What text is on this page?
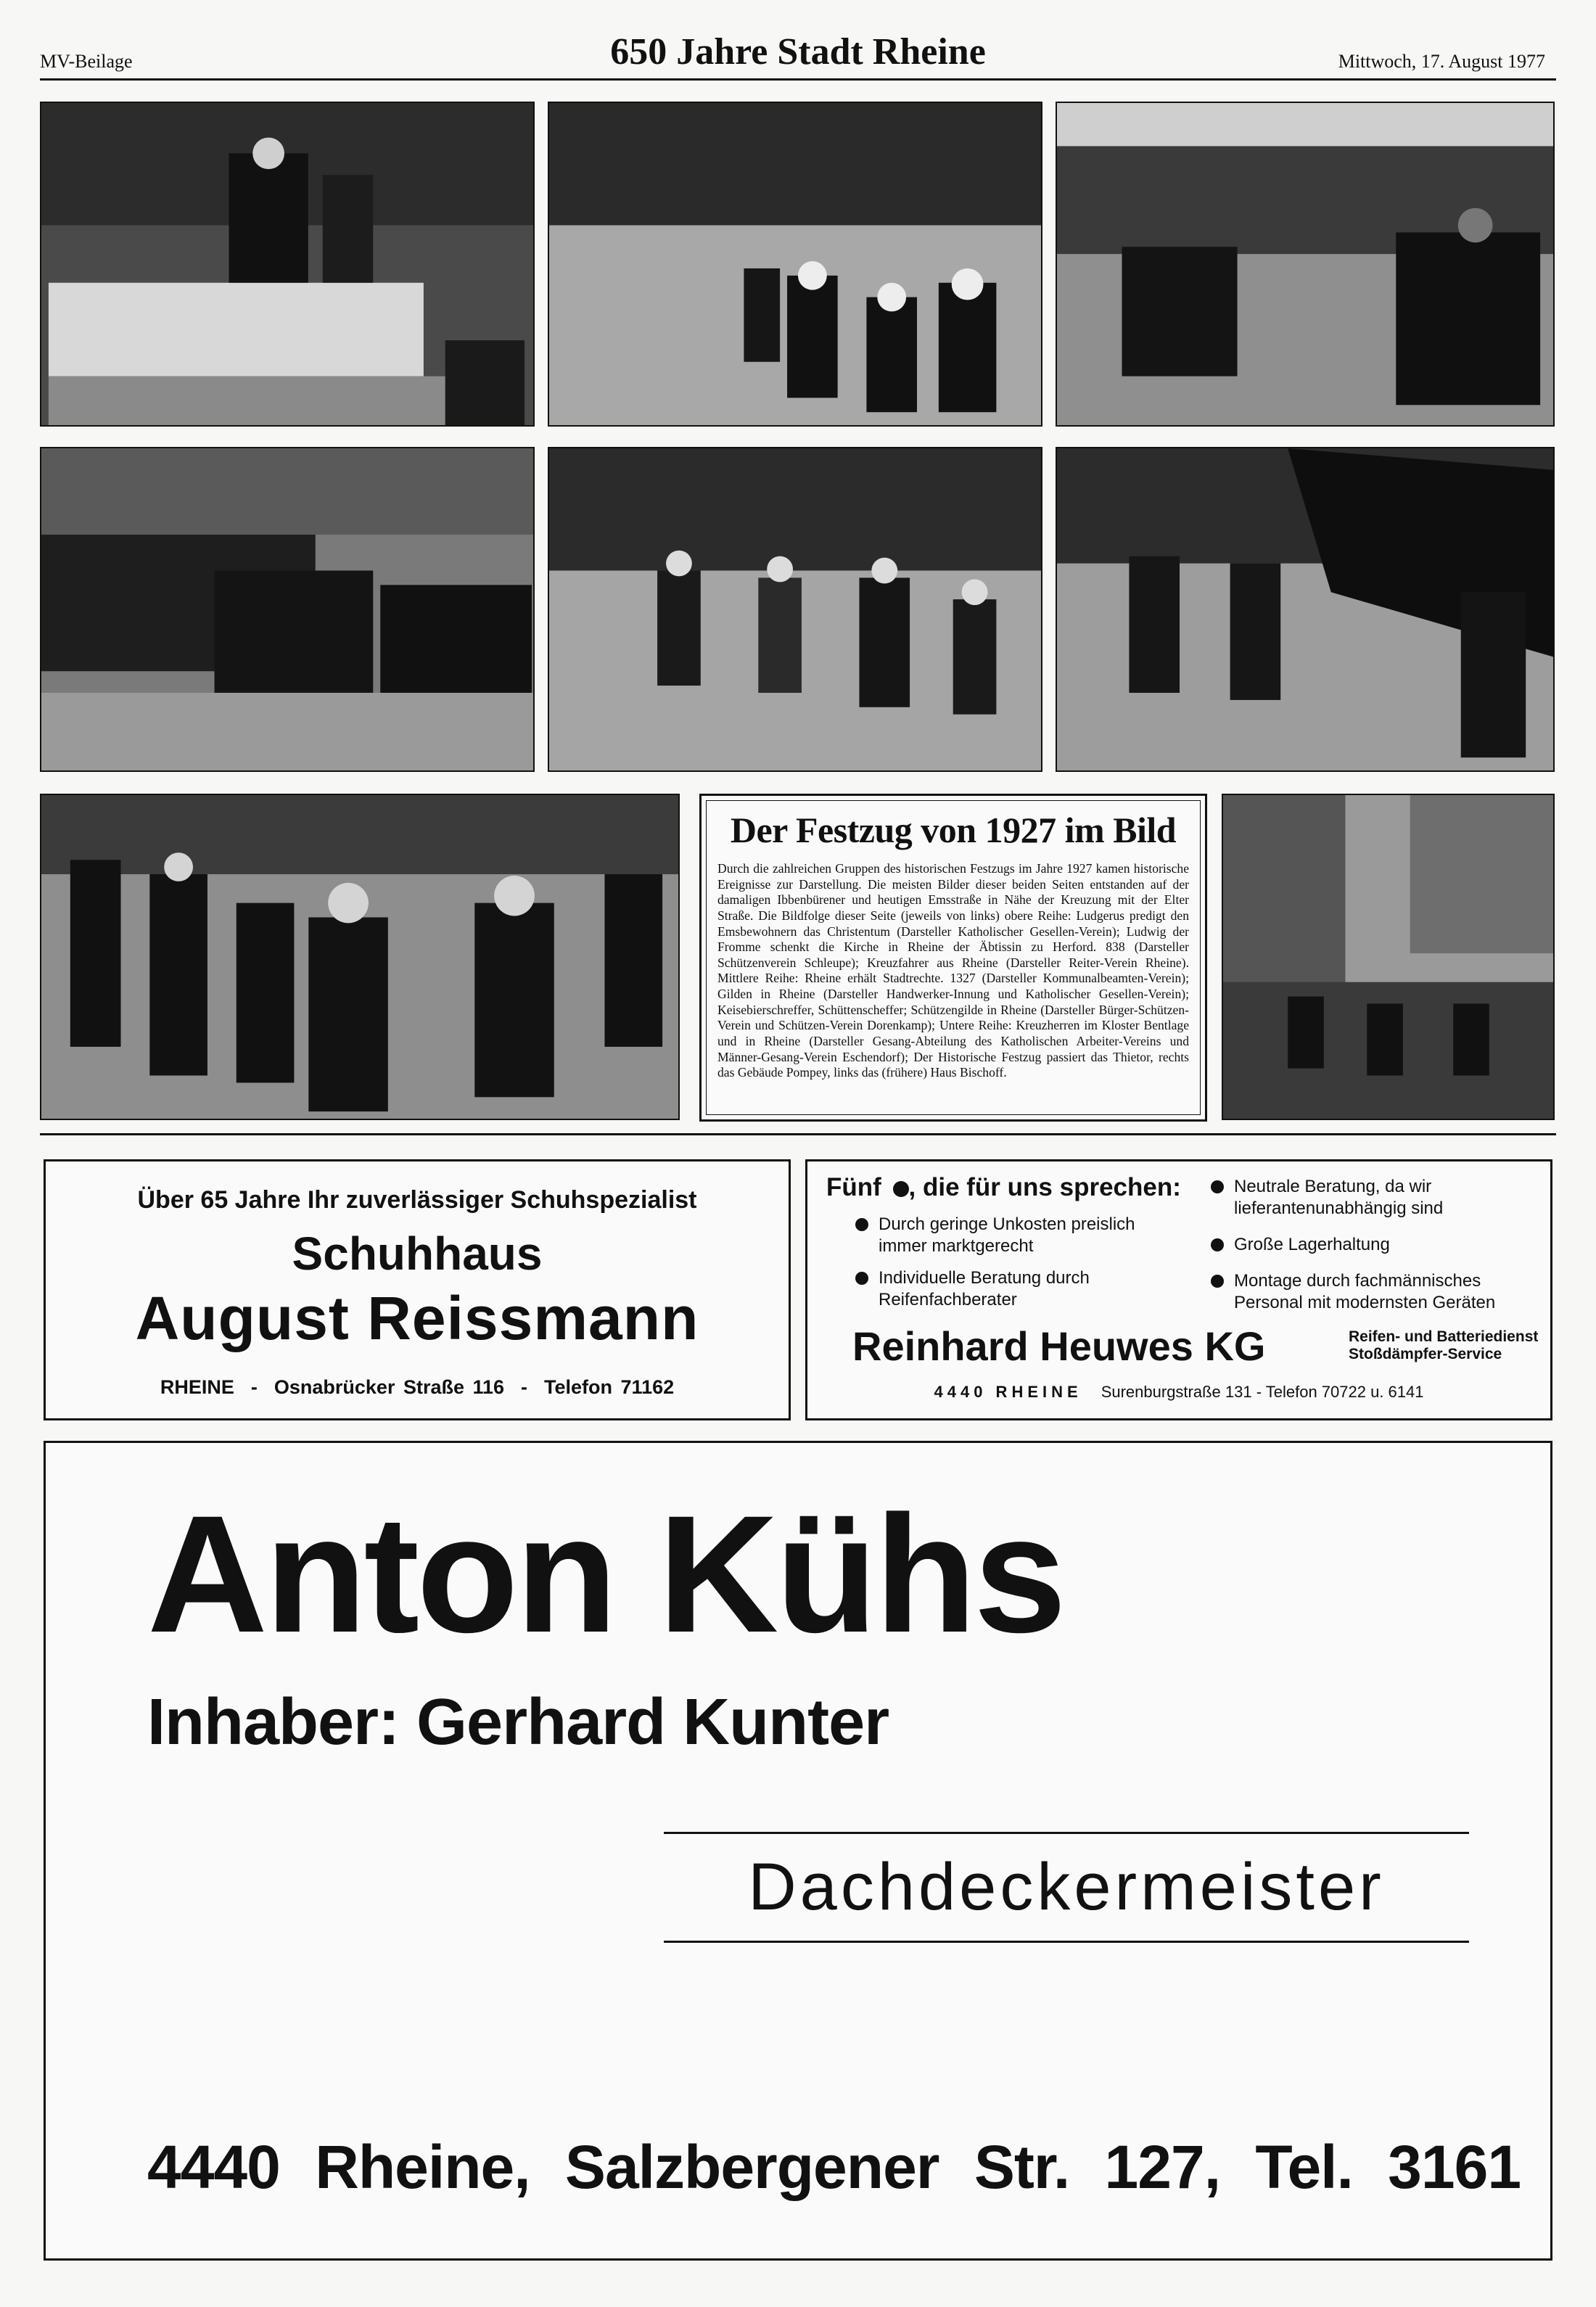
MV-Beilage	650 Jahre Stadt Rheine	Mittwoch, 17. August 1977
Der Festzug von 1927 im Bild
Durch die zahlreichen Gruppen des historischen Festzugs im Jahre 1927 kamen historische Ereignisse zur Darstellung. Die meisten Bilder dieser beiden Seiten entstanden auf der damaligen Ibbenbürener und heutigen Emsstraße in Nähe der Kreuzung mit der Elter Straße. Die Bildfolge dieser Seite (jeweils von links) obere Reihe: Ludgerus predigt den Emsbewohnern das Christentum (Darsteller Katholischer Gesellen-Verein); Ludwig der Fromme schenkt die Kirche in Rheine der Äbtissin zu Herford. 838 (Darsteller Schützenverein Schleupe); Kreuzfahrer aus Rheine (Darsteller Reiter-Verein Rheine). Mittlere Reihe: Rheine erhält Stadtrechte. 1327 (Darsteller Kommunalbeamten-Verein); Gilden in Rheine (Darsteller Handwerker-Innung und Katholischer Gesellen-Verein); Keisebierschreffer, Schüttenscheffer; Schützengilde in Rheine (Darsteller Bürger-Schützen-Verein und Schützen-Verein Dorenkamp); Untere Reihe: Kreuzherren im Kloster Bentlage und in Rheine (Darsteller Gesang-Abteilung des Katholischen Arbeiter-Vereins und Männer-Gesang-Verein Eschendorf); Der Historische Festzug passiert das Thietor, rechts das Gebäude Pompey, links das (frühere) Haus Bischoff.
Über 65 Jahre Ihr zuverlässiger Schuhspezialist
Schuhhaus
August Reissmann
RHEINE  -  Osnabrücker Straße 116  -  Telefon 71162
Fünf , die für uns sprechen:
Durch geringe Unkosten preislich immer marktgerecht
Individuelle Beratung durch Reifenfachberater
Neutrale Beratung, da wir lieferantenunabhängig sind
Große Lagerhaltung
Montage durch fachmännisches Personal mit modernsten Geräten
Reinhard Heuwes KG	Reifen- und Batteriedienst
Stoßdämpfer-Service
4440 RHEINE Surenburgstraße 131 - Telefon 70722 u. 6141
Anton Kühs
Inhaber: Gerhard Kunter
Dachdeckermeister
4440 Rheine, Salzbergener Str. 127, Tel. 3161
